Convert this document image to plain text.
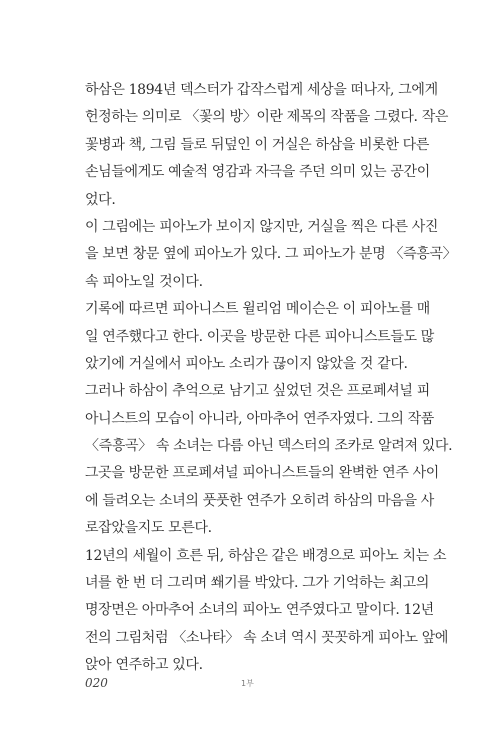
하삼은 1894년 덱스터가 갑작스럽게 세상을 떠나자, 그에게

헌정하는 의미로 〈꽃의 방〉이란 제목의 작품을 그렸다. 작은

꽃병과 책, 그림 들로 뒤덮인 이 거실은 하삼을 비롯한 다른

손님들에게도 예술적 영감과 자극을 주던 의미 있는 공간이

었다.

이 그림에는 피아노가 보이지 않지만, 거실을 찍은 다른 사진

을 보면 창문 옆에 피아노가 있다. 그 피아노가 분명 〈즉흥곡〉

속 피아노일 것이다.

기록에 따르면 피아니스트 윌리엄 메이슨은 이 피아노를 매

일 연주했다고 한다. 이곳을 방문한 다른 피아니스트들도 많

았기에 거실에서 피아노 소리가 끊이지 않았을 것 같다.

그러나 하삼이 추억으로 남기고 싶었던 것은 프로페셔널 피

아니스트의 모습이 아니라, 아마추어 연주자였다. 그의 작품

〈즉흥곡〉 속 소녀는 다름 아닌 덱스터의 조카로 알려져 있다.

그곳을 방문한 프로페셔널 피아니스트들의 완벽한 연주 사이

에 들려오는 소녀의 풋풋한 연주가 오히려 하삼의 마음을 사

로잡았을지도 모른다.

12년의 세월이 흐른 뒤, 하삼은 같은 배경으로 피아노 치는 소

녀를 한 번 더 그리며 쐐기를 박았다. 그가 기억하는 최고의

명장면은 아마추어 소녀의 피아노 연주였다고 말이다. 12년

전의 그림처럼 〈소나타〉 속 소녀 역시 꼿꼿하게 피아노 앞에

앉아 연주하고 있다.

020	1부
